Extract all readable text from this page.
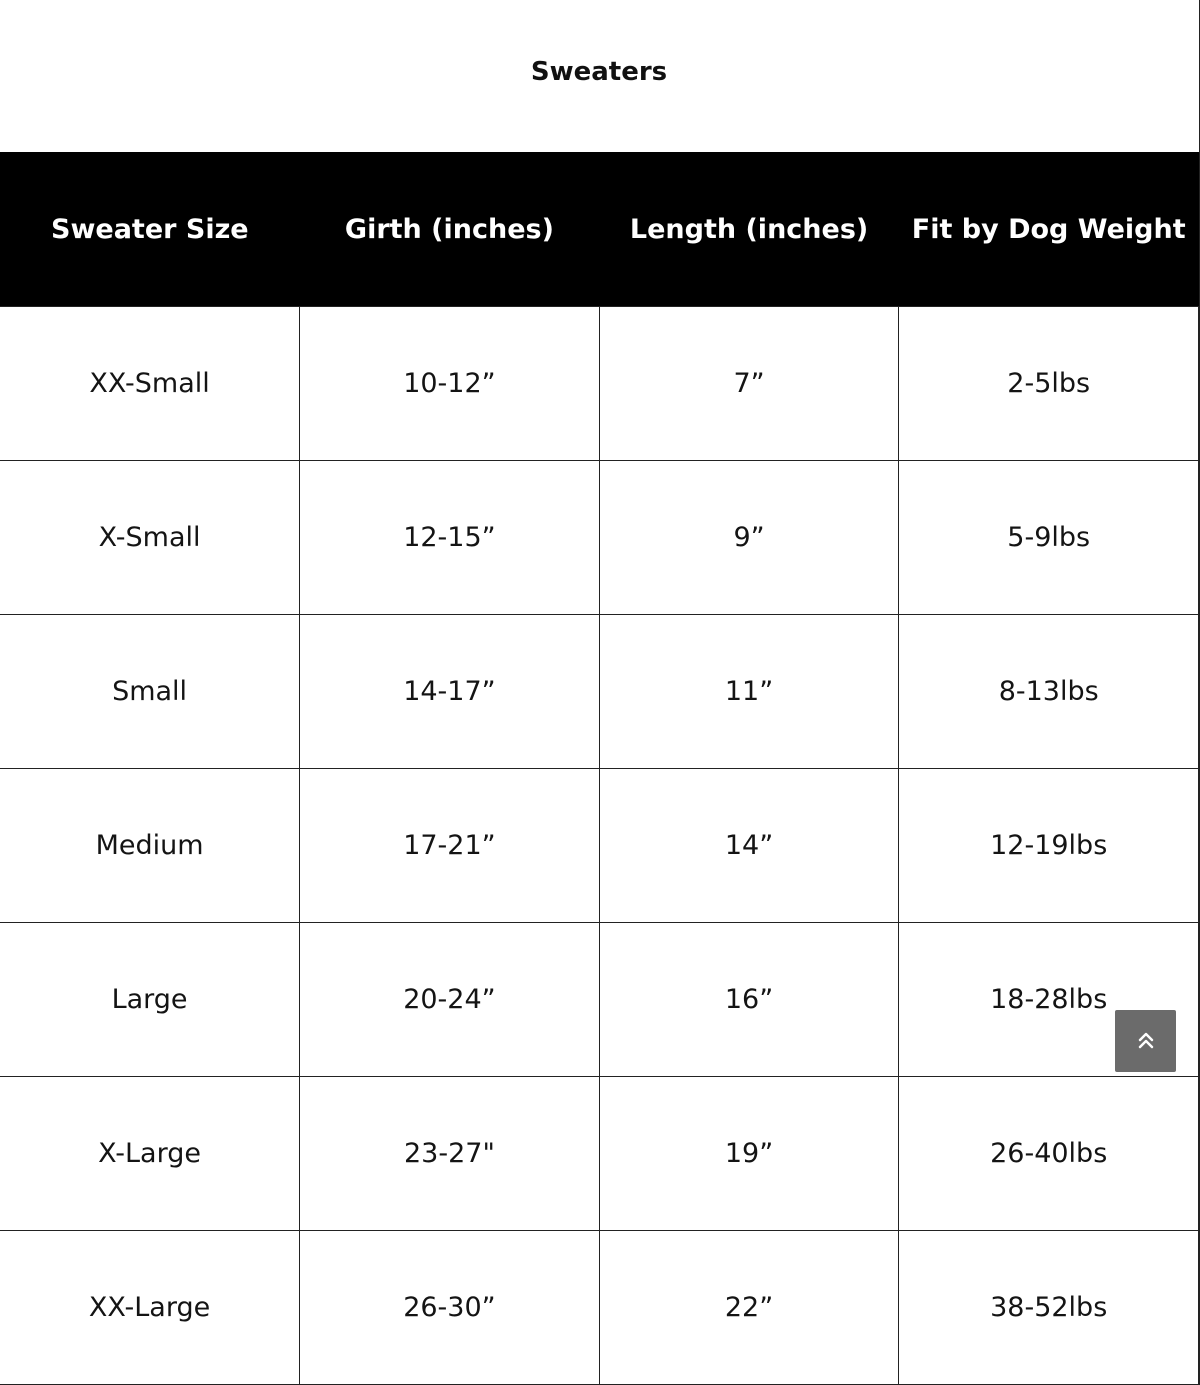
Sweaters
Sweater Size	Girth (inches)	Length (inches)	Fit by Dog Weight
XX-Small	10-12”	7”	2-5lbs
X-Small	12-15”	9”	5-9lbs
Small	14-17”	11”	8-13lbs
Medium	17-21”	14”	12-19lbs
Large	20-24”	16”	18-28lbs
X-Large	23-27"	19”	26-40lbs
XX-Large	26-30”	22”	38-52lbs
